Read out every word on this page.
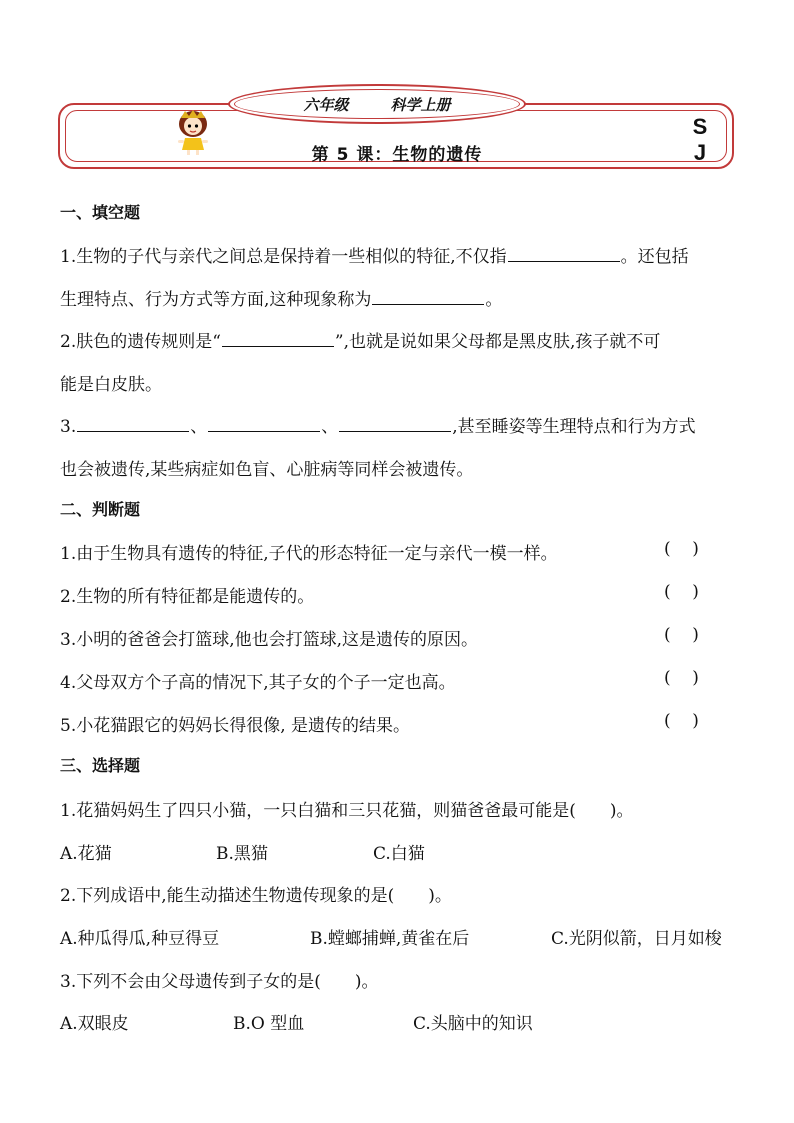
六年级	科学上册
第 5 课：生物的遗传
S
J
一、填空题
1.生物的子代与亲代之间总是保持着一些相似的特征,不仅指	。还包括
生理特点、行为方式等方面,这种现象称为	。
2.肤色的遗传规则是“	”,也就是说如果父母都是黑皮肤,孩子就不可
能是白皮肤。
3.	、	、	,甚至睡姿等生理特点和行为方式
也会被遗传,某些病症如色盲、心脏病等同样会被遗传。
二、判断题
1.由于生物具有遗传的特征,子代的形态特征一定与亲代一模一样。	(    )
2.生物的所有特征都是能遗传的。	(    )
3.小明的爸爸会打篮球,他也会打篮球,这是遗传的原因。	(    )
4.父母双方个子高的情况下,其子女的个子一定也高。	(    )
5.小花猫跟它的妈妈长得很像, 是遗传的结果。	(    )
三、选择题
1.花猫妈妈生了四只小猫，一只白猫和三只花猫，则猫爸爸最可能是(　　)。
A.花猫	B.黑猫	C.白猫
2.下列成语中,能生动描述生物遗传现象的是(　　)。
A.种瓜得瓜,种豆得豆	B.螳螂捕蝉,黄雀在后	C.光阴似箭，日月如梭
3.下列不会由父母遗传到子女的是(　　)。
A.双眼皮	B.O 型血	C.头脑中的知识
